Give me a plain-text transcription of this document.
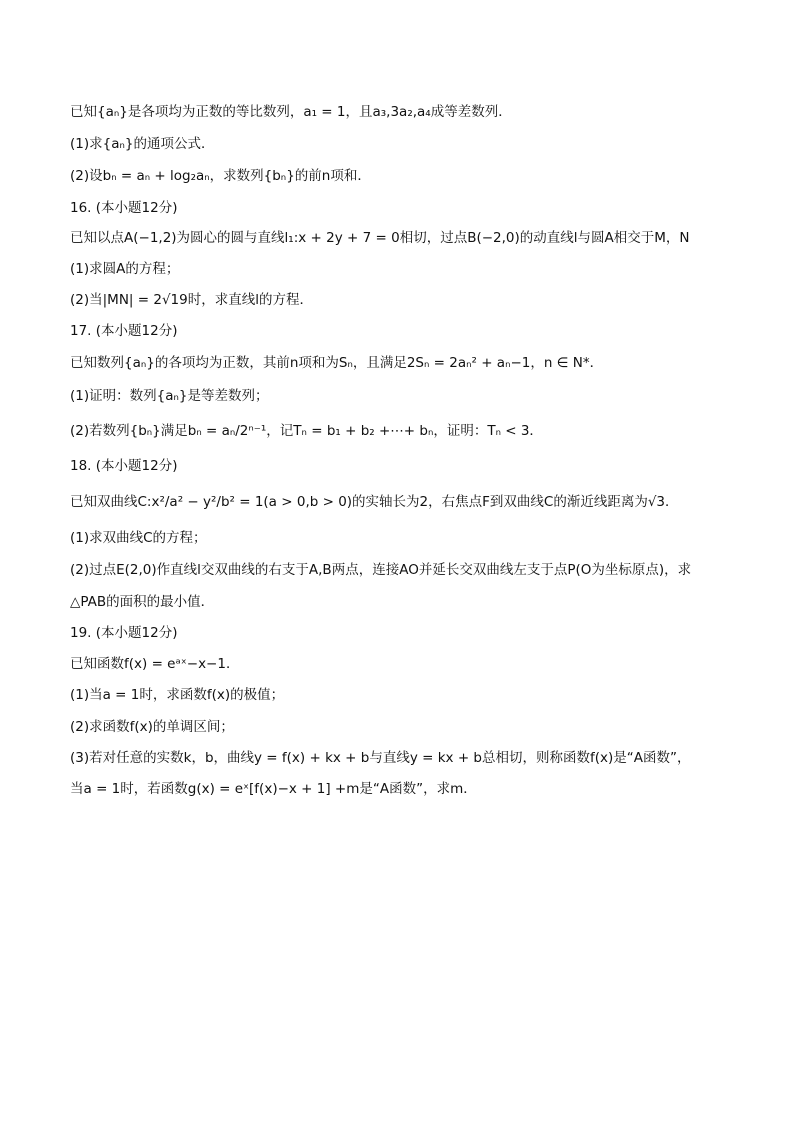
已知{aₙ}是各项均为正数的等比数列，a₁ = 1，且a₃,3a₂,a₄成等差数列．
(1)求{aₙ}的通项公式．
(2)设bₙ = aₙ + log₂aₙ，求数列{bₙ}的前n项和．
16. (本小题12分)
已知以点A(−1,2)为圆心的圆与直线l₁:x + 2y + 7 = 0相切，过点B(−2,0)的动直线l与圆A相交于M，N
(1)求圆A的方程；
(2)当|MN| = 2√19时，求直线l的方程．
17. (本小题12分)
已知数列{aₙ}的各项均为正数，其前n项和为Sₙ，且满足2Sₙ = 2aₙ² + aₙ−1，n ∈ N*．
(1)证明：数列{aₙ}是等差数列；
(2)若数列{bₙ}满足bₙ = aₙ/2ⁿ⁻¹，记Tₙ = b₁ + b₂ +⋯+ bₙ，证明：Tₙ < 3．
18. (本小题12分)
已知双曲线C:x²/a² − y²/b² = 1(a > 0,b > 0)的实轴长为2，右焦点F到双曲线C的渐近线距离为√3．
(1)求双曲线C的方程；
(2)过点E(2,0)作直线l交双曲线的右支于A,B两点，连接AO并延长交双曲线左支于点P(O为坐标原点)，求
△PAB的面积的最小值．
19. (本小题12分)
已知函数f(x) = eᵃˣ−x−1．
(1)当a = 1时，求函数f(x)的极值；
(2)求函数f(x)的单调区间；
(3)若对任意的实数k，b，曲线y = f(x) + kx + b与直线y = kx + b总相切，则称函数f(x)是“A函数”，
当a = 1时，若函数g(x) = eˣ[f(x)−x + 1] +m是“A函数”，求m．
